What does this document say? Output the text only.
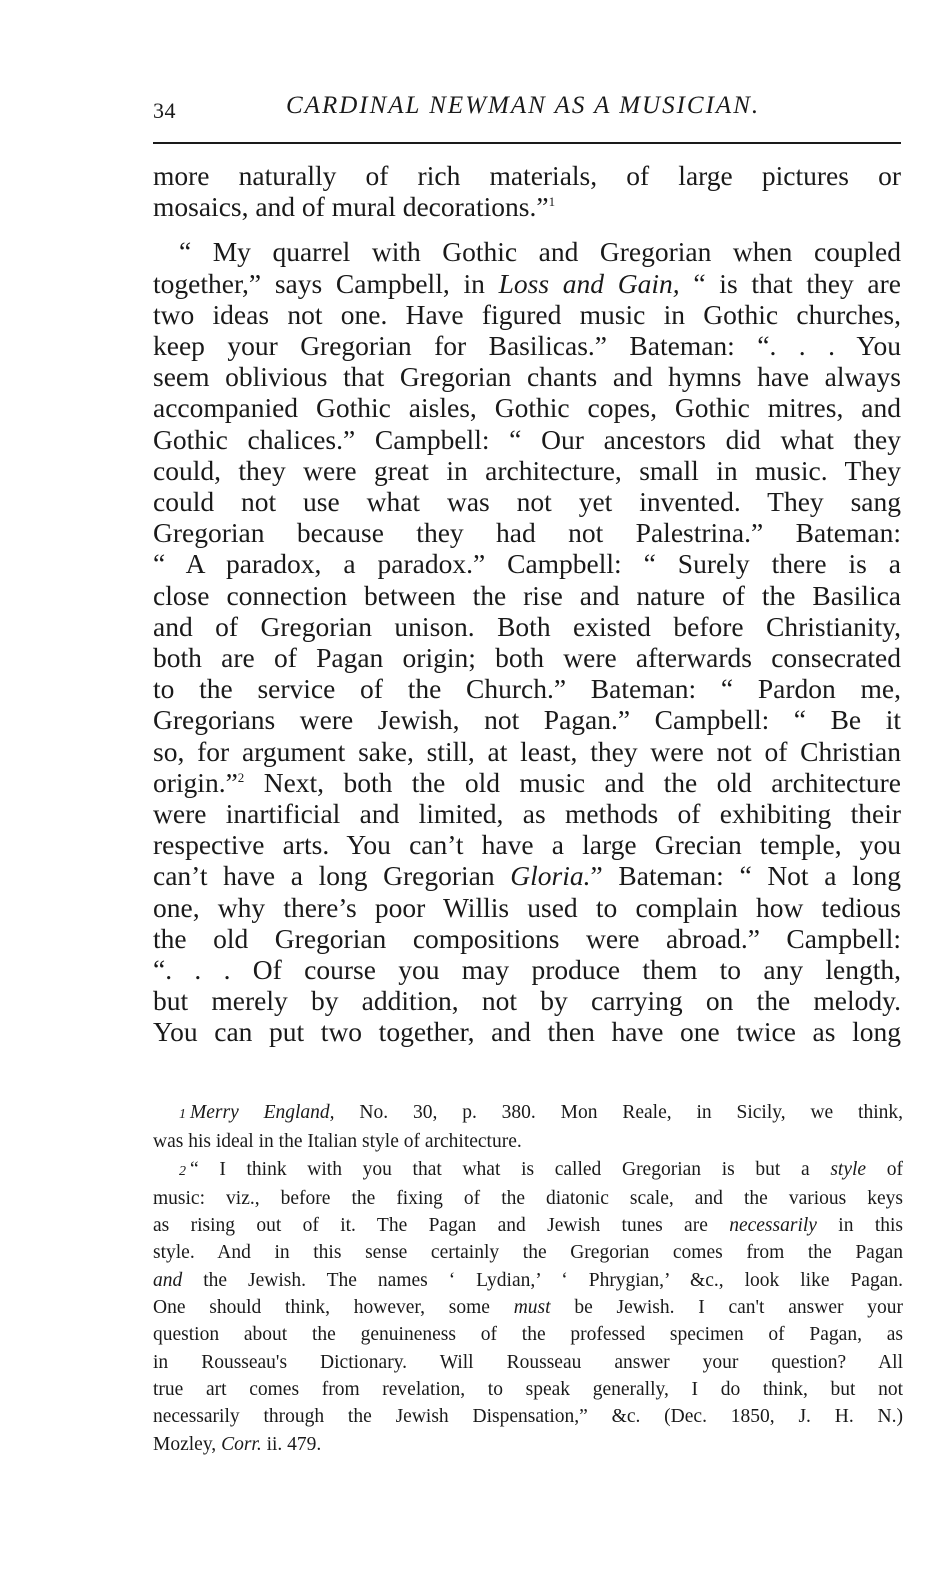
34	CARDINAL NEWMAN AS A MUSICIAN.

more naturally of rich materials, of large pictures or
mosaics, and of mural decorations.”$^1$

“ My quarrel with Gothic and Gregorian when coupled
together,” says Campbell, in Loss and Gain, “ is that they are
two ideas not one. Have figured music in Gothic churches,
keep your Gregorian for Basilicas.” Bateman: “. . . You
seem oblivious that Gregorian chants and hymns have always
accompanied Gothic aisles, Gothic copes, Gothic mitres, and
Gothic chalices.” Campbell: “ Our ancestors did what they
could, they were great in architecture, small in music. They
could not use what was not yet invented. They sang
Gregorian because they had not Palestrina.” Bateman:
“ A paradox, a paradox.” Campbell: “ Surely there is a
close connection between the rise and nature of the Basilica
and of Gregorian unison. Both existed before Christianity,
both are of Pagan origin; both were afterwards consecrated
to the service of the Church.” Bateman: “ Pardon me,
Gregorians were Jewish, not Pagan.” Campbell: “ Be it
so, for argument sake, still, at least, they were not of Christian
origin.”$^2$ Next, both the old music and the old architecture
were inartificial and limited, as methods of exhibiting their
respective arts. You can’t have a large Grecian temple, you
can’t have a long Gregorian Gloria.” Bateman: “ Not a long
one, why there’s poor Willis used to complain how tedious
the old Gregorian compositions were abroad.” Campbell:
“. . . Of course you may produce them to any length,
but merely by addition, not by carrying on the melody.
You can put two together, and then have one twice as long

1 Merry England, No. 30, p. 380. Mon Reale, in Sicily, we think,
was his ideal in the Italian style of architecture.
2 “ I think with you that what is called Gregorian is but a style of
music: viz., before the fixing of the diatonic scale, and the various keys
as rising out of it. The Pagan and Jewish tunes are necessarily in this
style. And in this sense certainly the Gregorian comes from the Pagan
and the Jewish. The names ‘ Lydian,’ ‘ Phrygian,’ &c., look like Pagan.
One should think, however, some must be Jewish. I can't answer your
question about the genuineness of the professed specimen of Pagan, as
in Rousseau's Dictionary. Will Rousseau answer your question? All
true art comes from revelation, to speak generally, I do think, but not
necessarily through the Jewish Dispensation,” &c. (Dec. 1850, J. H. N.)
Mozley, Corr. ii. 479.
